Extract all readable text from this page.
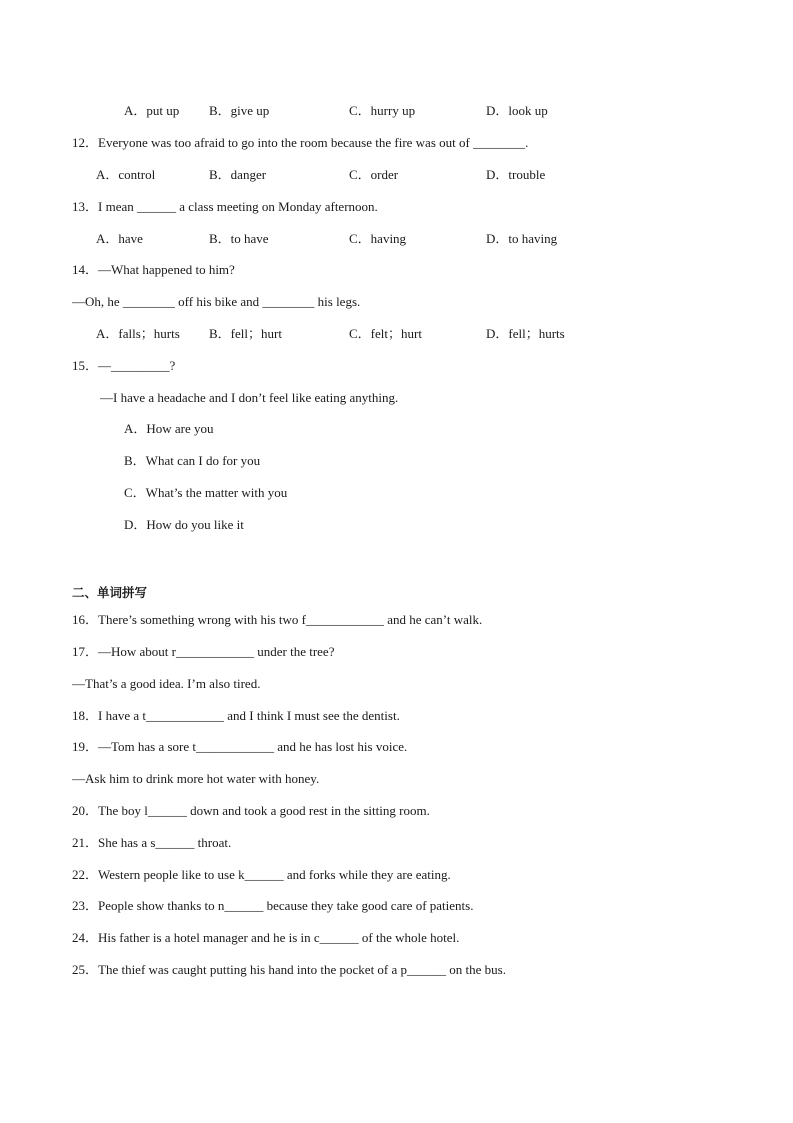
A．put up B．give up	C．hurry up	D．look up
12．Everyone was too afraid to go into the room because the fire was out of ________.
A．control	B．danger	C．order	D．trouble
13．I mean ______ a class meeting on Monday afternoon.
A．have	B．to have	C．having	D．to having
14．—What happened to him?
—Oh, he ________ off his bike and ________ his legs.
A．falls；hurts B．fell；hurt	C．felt；hurt	D．fell；hurts
15．—_________?
—I have a headache and I don’t feel like eating anything.
A．How are you
B．What can I do for you
C．What’s the matter with you
D．How do you like it
二、单词拼写
16．There’s something wrong with his two f____________ and he can’t walk.
17．—How about r____________ under the tree?
—That’s a good idea. I’m also tired.
18．I have a t____________ and I think I must see the dentist.
19．—Tom has a sore t____________ and he has lost his voice.
—Ask him to drink more hot water with honey.
20．The boy l______ down and took a good rest in the sitting room.
21．She has a s______ throat.
22．Western people like to use k______ and forks while they are eating.
23．People show thanks to n______ because they take good care of patients.
24．His father is a hotel manager and he is in c______ of the whole hotel.
25．The thief was caught putting his hand into the pocket of a p______ on the bus.
